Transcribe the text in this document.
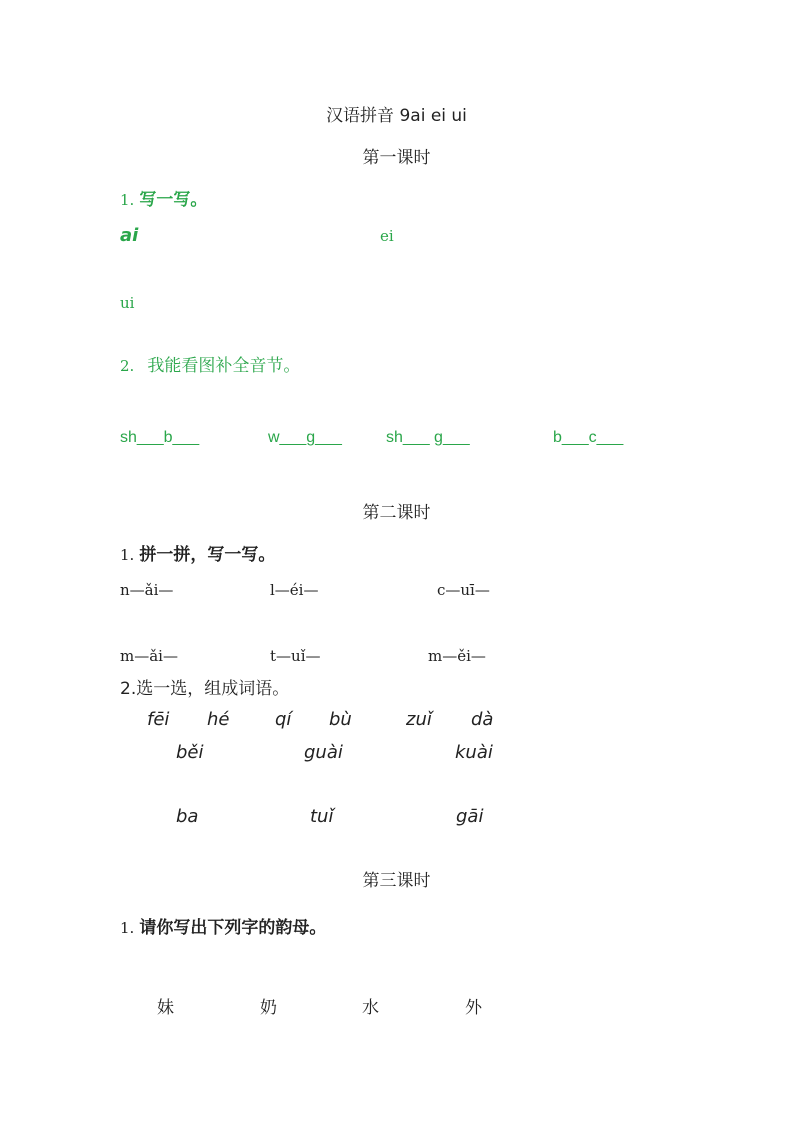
汉语拼音 9ai ei ui
第一课时
1. 写一写。
ai	ei
ui
2. 我能看图补全音节。
sh___b___	w___g___	sh___ g___	b___c___
第二课时
1. 拼一拼，写一写。
n—ǎi—	l—éi—	c—uī—
m—ǎi—	t—uǐ—	m—ěi—
2.选一选，组成词语。
fēi hé	qí bù	zuǐ dà
běi	guài	kuài
ba	tuǐ	gāi
第三课时
1. 请你写出下列字的韵母。
妹	奶	水	外
